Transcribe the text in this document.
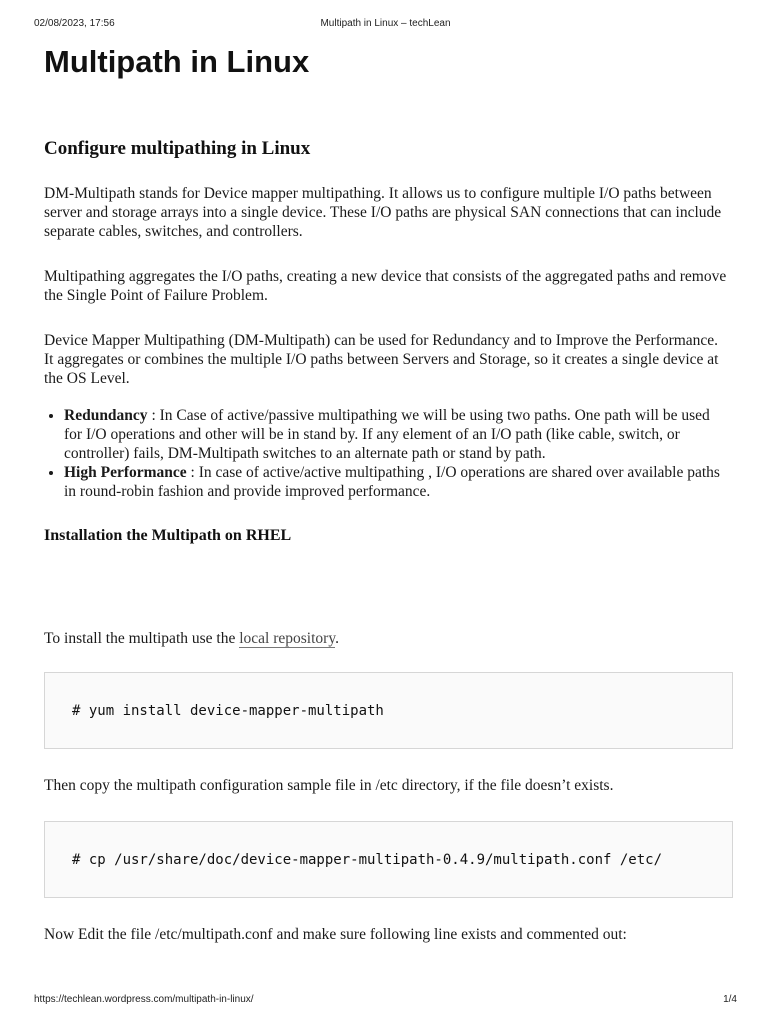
02/08/2023, 17:56	Multipath in Linux – techLean
Multipath in Linux
Configure multipathing in Linux

DM-Multipath stands for Device mapper multipathing. It allows us to configure multiple I/O paths between server and storage arrays into a single device. These I/O paths are physical SAN connections that can include separate cables, switches, and controllers.

Multipathing aggregates the I/O paths, creating a new device that consists of the aggregated paths and remove the Single Point of Failure Problem.

Device Mapper Multipathing (DM-Multipath) can be used for Redundancy and to Improve the Performance. It aggregates or combines the multiple I/O paths between Servers and Storage, so it creates a single device at the OS Level.

• Redundancy : In Case of active/passive multipathing we will be using two paths. One path will be used for I/O operations and other will be in stand by. If any element of an I/O path (like cable, switch, or controller) fails, DM-Multipath switches to an alternate path or stand by path.
• High Performance : In case of active/active multipathing , I/O operations are shared over available paths in round-robin fashion and provide improved performance.
Installation the Multipath on RHEL

To install the multipath use the local repository.

# yum install device-mapper-multipath

Then copy the multipath configuration sample file in /etc directory, if the file doesn’t exists.

# cp /usr/share/doc/device-mapper-multipath-0.4.9/multipath.conf /etc/

Now Edit the file /etc/multipath.conf and make sure following line exists and commented out:

https://techlean.wordpress.com/multipath-in-linux/	1/4
